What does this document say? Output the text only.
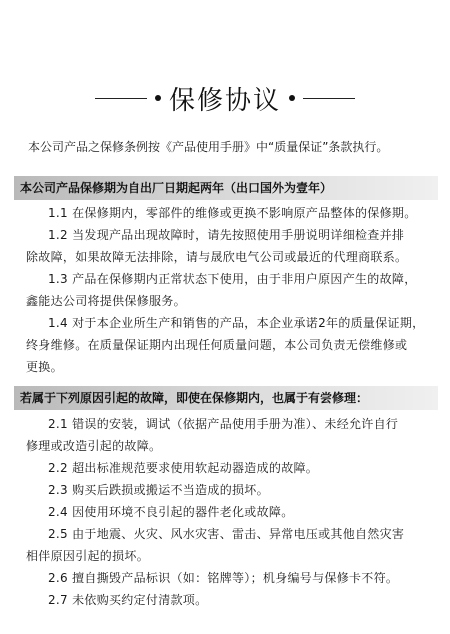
保修协议
本公司产品之保修条例按《产品使用手册》中“质量保证”条款执行。
本公司产品保修期为自出厂日期起两年（出口国外为壹年）
1.1 在保修期内，零部件的维修或更换不影响原产品整体的保修期。
1.2 当发现产品出现故障时，请先按照使用手册说明详细检查并排
除故障，如果故障无法排除，请与晟欣电气公司或最近的代理商联系。
1.3 产品在保修期内正常状态下使用，由于非用户原因产生的故障，
鑫能达公司将提供保修服务。
1.4 对于本企业所生产和销售的产品，本企业承诺2年的质量保证期，
终身维修。在质量保证期内出现任何质量问题，本公司负责无偿维修或
更换。
若属于下列原因引起的故障，即使在保修期内，也属于有尝修理：
2.1 错误的安装，调试（依据产品使用手册为准）、未经允许自行
修理或改造引起的故障。
2.2 超出标准规范要求使用软起动器造成的故障。
2.3 购买后跌损或搬运不当造成的损坏。
2.4 因使用环境不良引起的器件老化或故障。
2.5 由于地震、火灾、风水灾害、雷击、异常电压或其他自然灾害
相伴原因引起的损坏。
2.6 擅自撕毁产品标识（如：铭牌等）；机身编号与保修卡不符。
2.7 未依购买约定付清款项。
